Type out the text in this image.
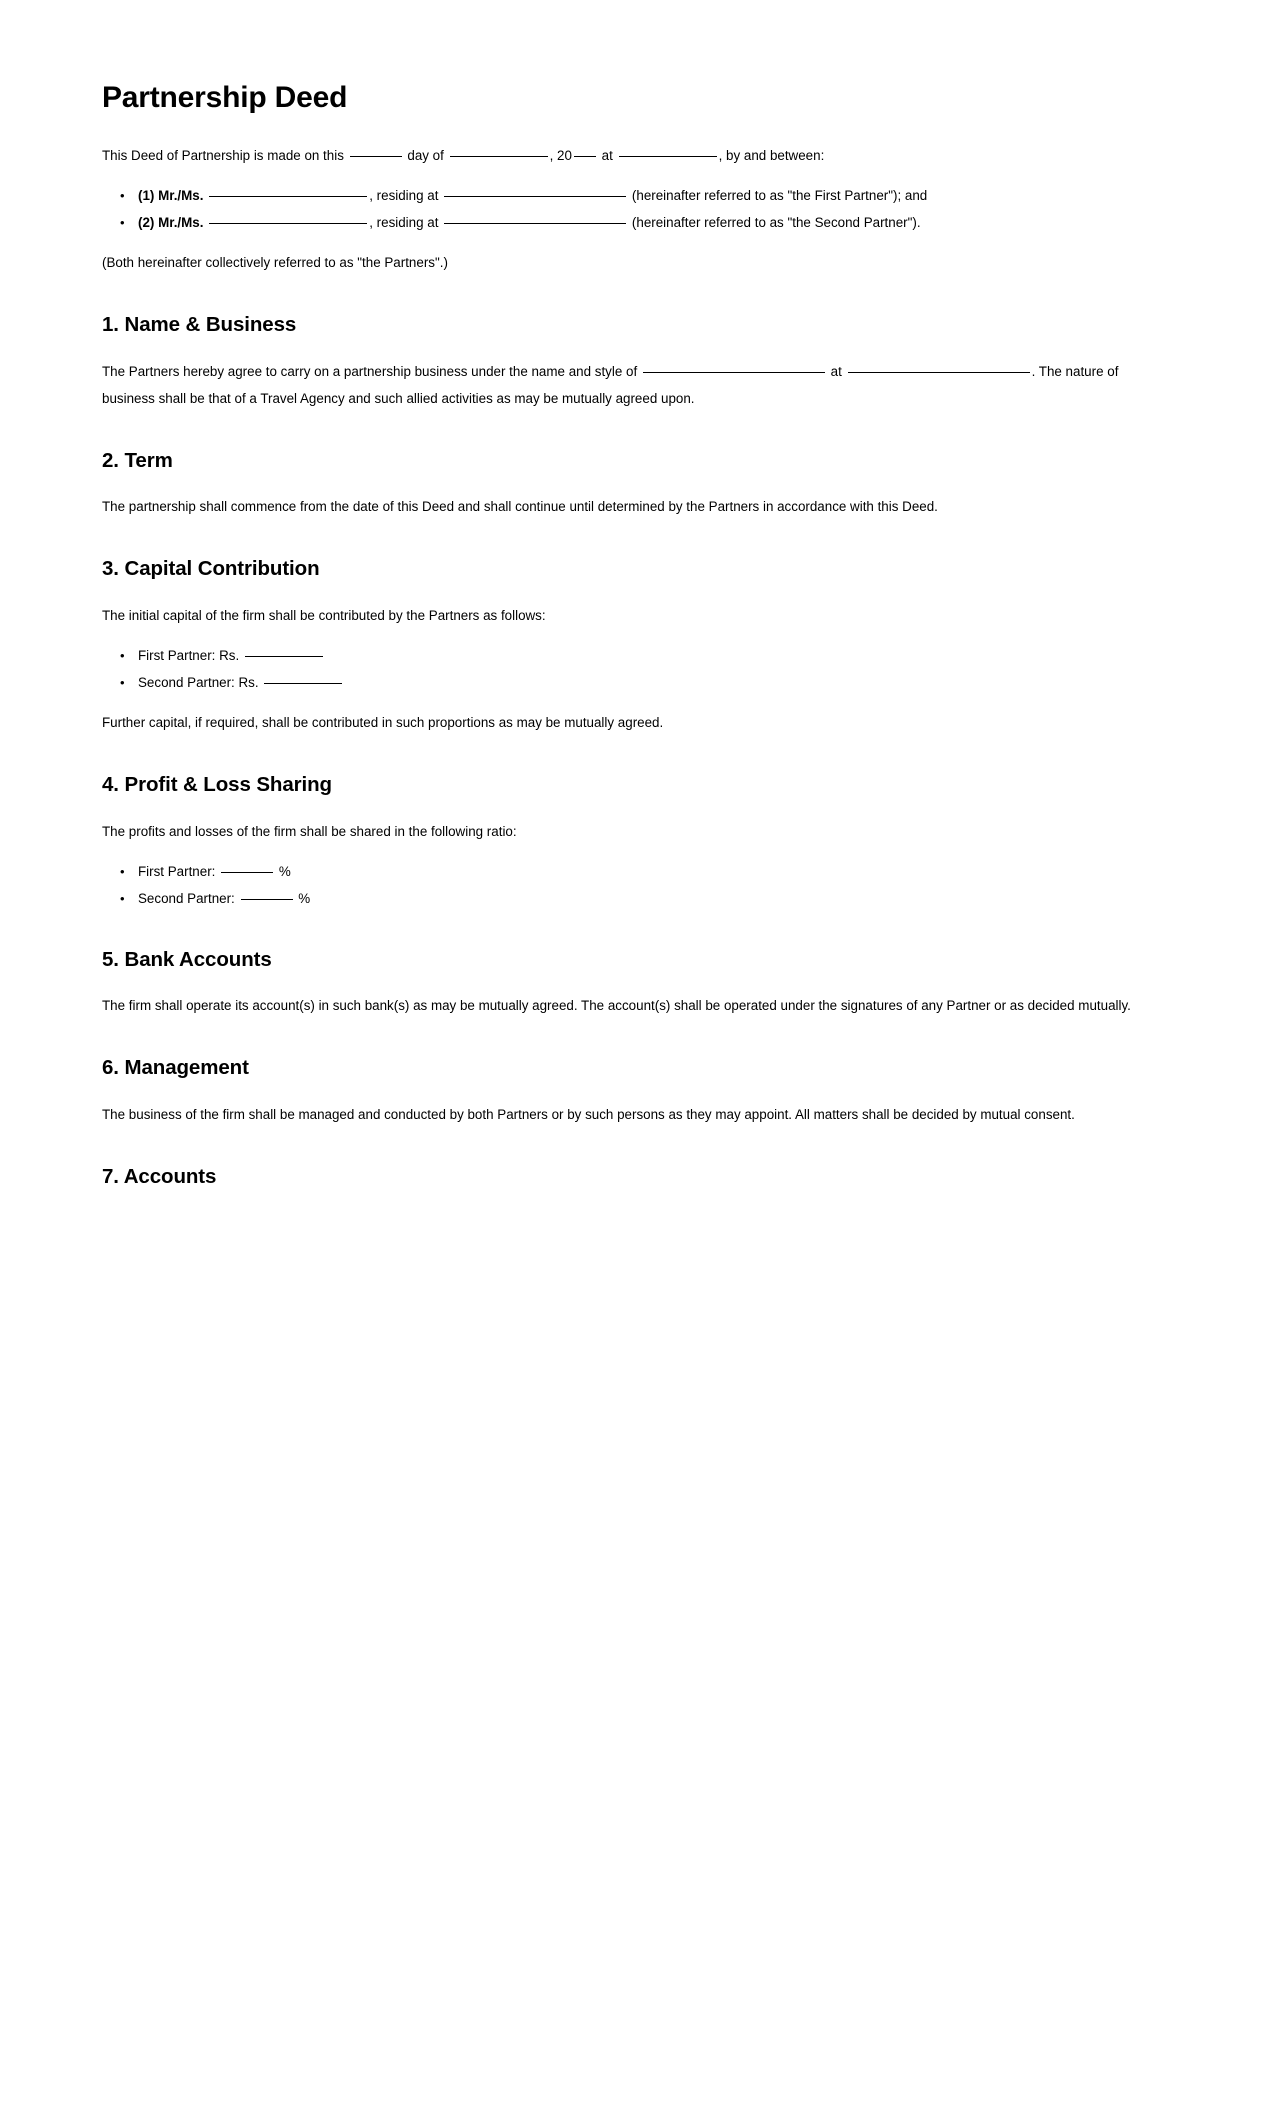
Partnership Deed

This Deed of Partnership is made on this	day of	, 20 at	, by and between:

• (1) Mr./Ms.	, residing at	(hereinafter referred to as "the First Partner"); and
• (2) Mr./Ms.	, residing at	(hereinafter referred to as "the Second Partner").

(Both hereinafter collectively referred to as "the Partners".)

1. Name & Business

The Partners hereby agree to carry on a partnership business under the name and style of	at	. The nature of business shall be that of a Travel Agency and such allied activities as may be mutually agreed upon.

2. Term

The partnership shall commence from the date of this Deed and shall continue until determined by the Partners in accordance with this Deed.

3. Capital Contribution

The initial capital of the firm shall be contributed by the Partners as follows:

• First Partner: Rs.
• Second Partner: Rs.

Further capital, if required, shall be contributed in such proportions as may be mutually agreed.

4. Profit & Loss Sharing

The profits and losses of the firm shall be shared in the following ratio:

• First Partner:	%
• Second Partner:	%
5. Bank Accounts

The firm shall operate its account(s) in such bank(s) as may be mutually agreed. The account(s) shall be operated under the signatures of any Partner or as decided mutually.

6. Management

The business of the firm shall be managed and conducted by both Partners or by such persons as they may appoint. All matters shall be decided by mutual consent.

7. Accounts
